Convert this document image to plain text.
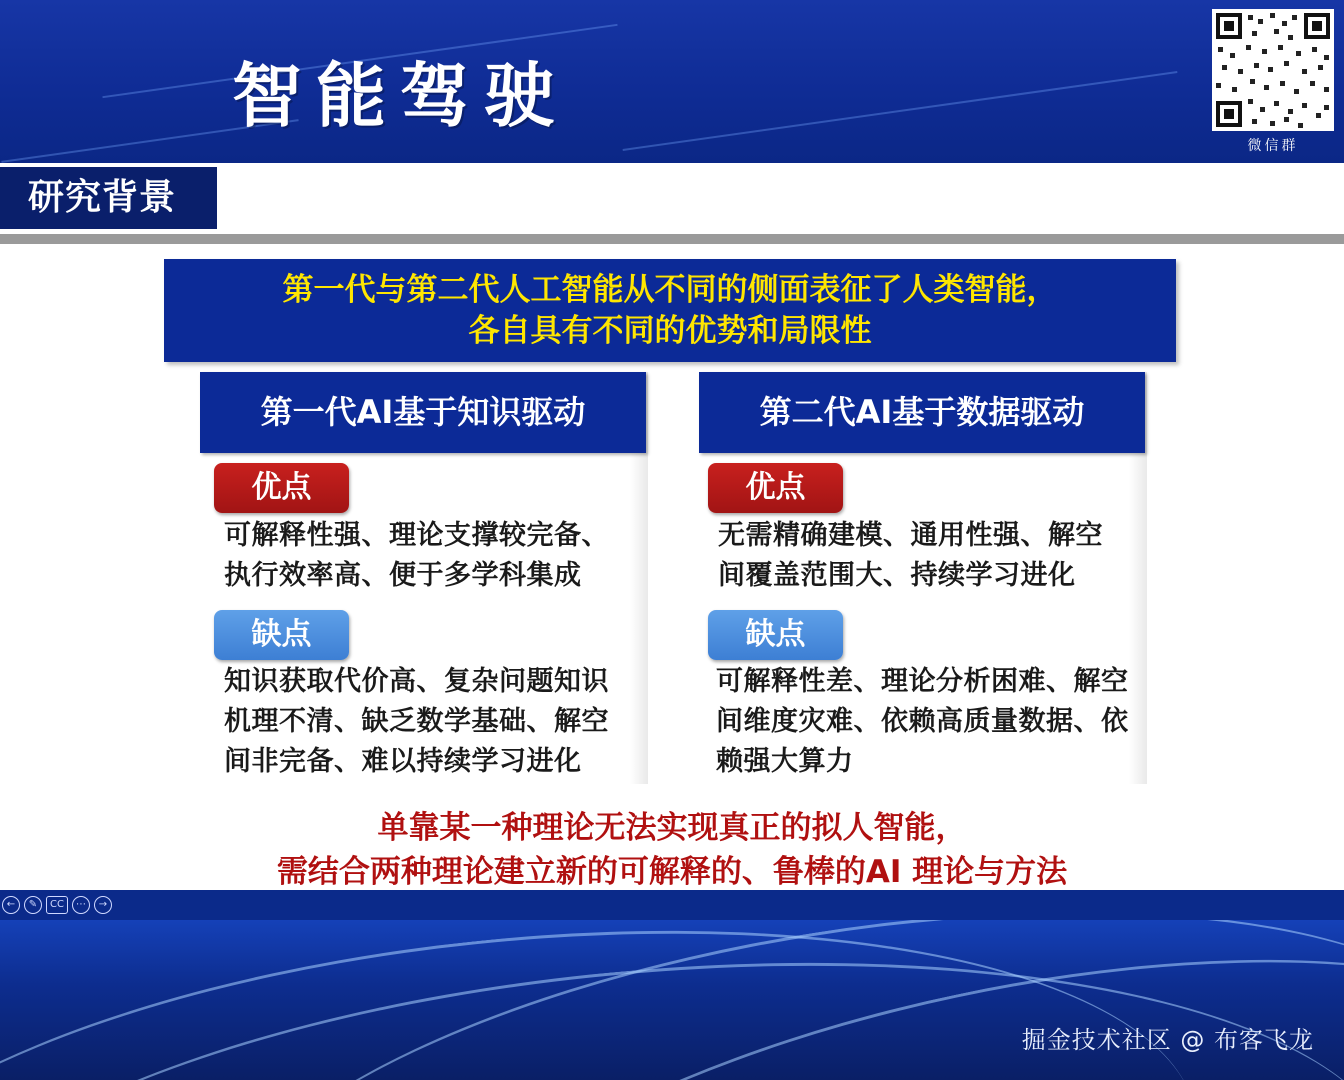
智能驾驶
微信群
研究背景
第一代与第二代人工智能从不同的侧面表征了人类智能，
各自具有不同的优势和局限性
第一代AI基于知识驱动
优点
可解释性强、理论支撑较完备、
执行效率高、便于多学科集成
缺点
知识获取代价高、复杂问题知识
机理不清、缺乏数学基础、解空
间非完备、难以持续学习进化
第二代AI基于数据驱动
优点
无需精确建模、通用性强、解空
间覆盖范围大、持续学习进化
缺点
可解释性差、理论分析困难、解空
间维度灾难、依赖高质量数据、依
赖强大算力
单靠某一种理论无法实现真正的拟人智能，
需结合两种理论建立新的可解释的、鲁棒的AI 理论与方法
←	✎	CC	⋯	→
掘金技术社区 @ 布客飞龙
